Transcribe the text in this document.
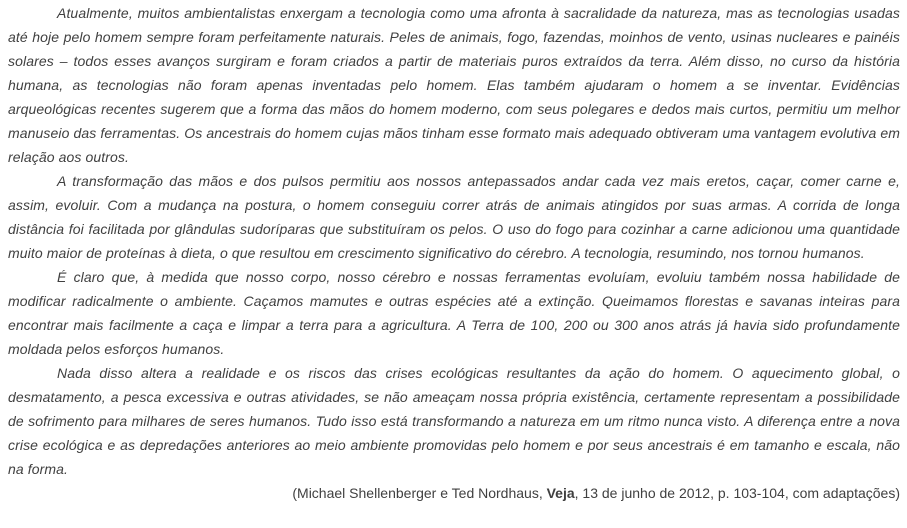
Atualmente, muitos ambientalistas enxergam a tecnologia como uma afronta à sacralidade da natureza, mas as tecnologias usadas até hoje pelo homem sempre foram perfeitamente naturais. Peles de animais, fogo, fazendas, moinhos de vento, usinas nucleares e painéis solares – todos esses avanços surgiram e foram criados a partir de materiais puros extraídos da terra. Além disso, no curso da história humana, as tecnologias não foram apenas inventadas pelo homem. Elas também ajudaram o homem a se inventar. Evidências arqueológicas recentes sugerem que a forma das mãos do homem moderno, com seus polegares e dedos mais curtos, permitiu um melhor manuseio das ferramentas. Os ancestrais do homem cujas mãos tinham esse formato mais adequado obtiveram uma vantagem evolutiva em relação aos outros.

A transformação das mãos e dos pulsos permitiu aos nossos antepassados andar cada vez mais eretos, caçar, comer carne e, assim, evoluir. Com a mudança na postura, o homem conseguiu correr atrás de animais atingidos por suas armas. A corrida de longa distância foi facilitada por glândulas sudoríparas que substituíram os pelos. O uso do fogo para cozinhar a carne adicionou uma quantidade muito maior de proteínas à dieta, o que resultou em crescimento significativo do cérebro. A tecnologia, resumindo, nos tornou humanos.

É claro que, à medida que nosso corpo, nosso cérebro e nossas ferramentas evoluíam, evoluiu também nossa habilidade de modificar radicalmente o ambiente. Caçamos mamutes e outras espécies até a extinção. Queimamos florestas e savanas inteiras para encontrar mais facilmente a caça e limpar a terra para a agricultura. A Terra de 100, 200 ou 300 anos atrás já havia sido profundamente moldada pelos esforços humanos.

Nada disso altera a realidade e os riscos das crises ecológicas resultantes da ação do homem. O aquecimento global, o desmatamento, a pesca excessiva e outras atividades, se não ameaçam nossa própria existência, certamente representam a possibilidade de sofrimento para milhares de seres humanos. Tudo isso está transformando a natureza em um ritmo nunca visto. A diferença entre a nova crise ecológica e as depredações anteriores ao meio ambiente promovidas pelo homem e por seus ancestrais é em tamanho e escala, não na forma.

(Michael Shellenberger e Ted Nordhaus, Veja, 13 de junho de 2012, p. 103-104, com adaptações)
